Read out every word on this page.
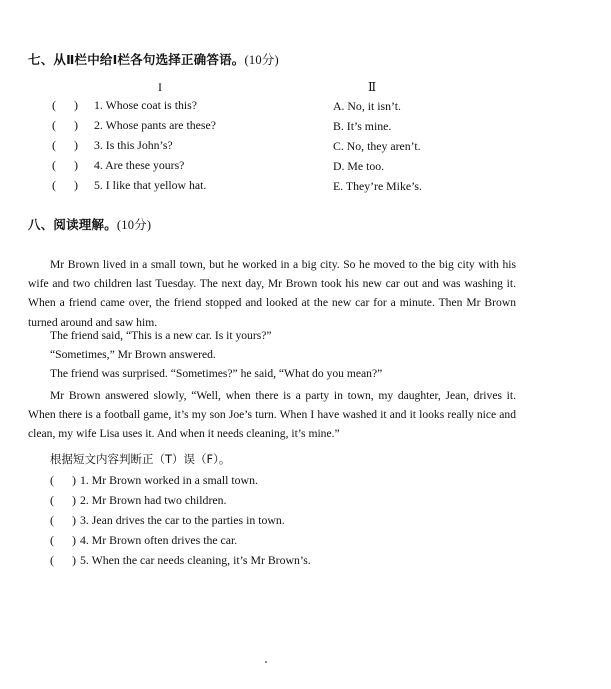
七、从Ⅱ栏中给Ⅰ栏各句选择正确答语。(10分)
I	Ⅱ
(      ) 1. Whose coat is this?
(      ) 2. Whose pants are these?
(      ) 3. Is this John’s?
(      ) 4. Are these yours?
(      ) 5. I like that yellow hat.
A. No, it isn’t.
B. It’s mine.
C. No, they aren’t.
D. Me too.
E. They’re Mike’s.
八、阅读理解。(10分)

Mr Brown lived in a small town, but he worked in a big city. So he moved to the big city with his wife and two children last Tuesday. The next day, Mr Brown took his new car out and was washing it. When a friend came over, the friend stopped and looked at the new car for a minute. Then Mr Brown turned around and saw him.

The friend said, “This is a new car. Is it yours?”
“Sometimes,” Mr Brown answered.
The friend was surprised. “Sometimes?” he said, “What do you mean?”

Mr Brown answered slowly, “Well, when there is a party in town, my daughter, Jean, drives it. When there is a football game, it’s my son Joe’s turn. When I have washed it and it looks really nice and clean, my wife Lisa uses it. And when it needs cleaning, it’s mine.”

根据短文内容判断正（T）误（F）。
(      ) 1. Mr Brown worked in a small town.
(      ) 2. Mr Brown had two children.
(      ) 3. Jean drives the car to the parties in town.
(      ) 4. Mr Brown often drives the car.
(      ) 5. When the car needs cleaning, it’s Mr Brown’s.
